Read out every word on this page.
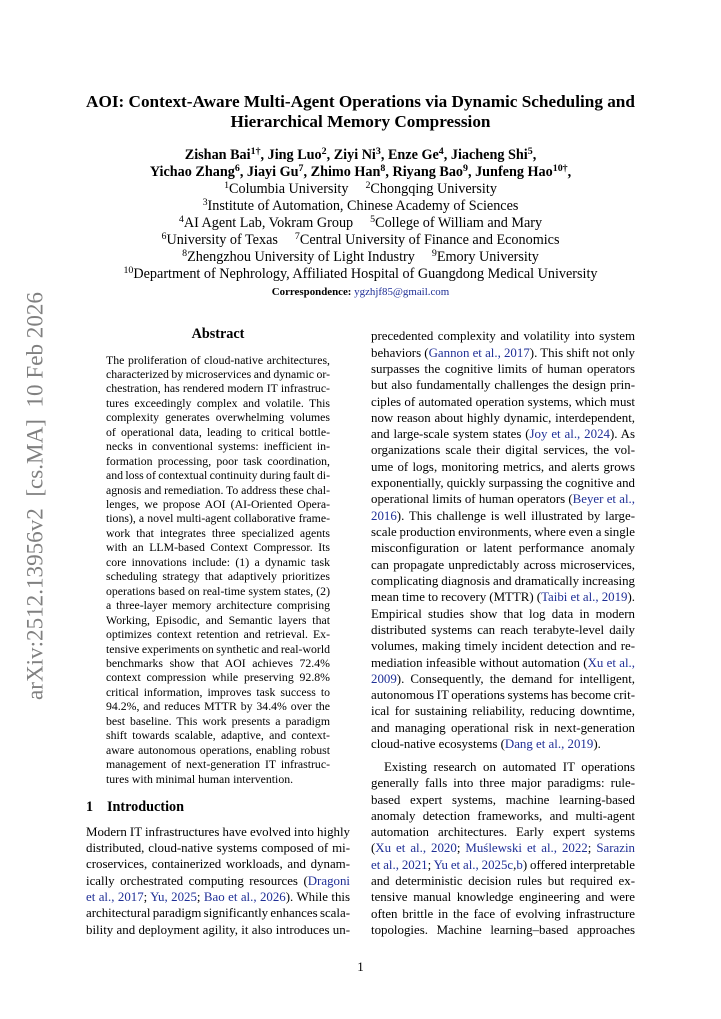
arXiv:2512.13956v2  [cs.MA]  10 Feb 2026
AOI: Context-Aware Multi-Agent Operations via Dynamic Scheduling and
Hierarchical Memory Compression
Zishan Bai$^{1\dagger}$, Jing Luo$^2$, Ziyi Ni$^3$, Enze Ge$^4$, Jiacheng Shi$^5$,
Yichao Zhang$^6$, Jiayi Gu$^7$, Zhimo Han$^8$, Riyang Bao$^9$, Junfeng Hao$^{10\dagger}$,
$^1$Columbia University $^2$Chongqing University
$^3$Institute of Automation, Chinese Academy of Sciences
$^4$AI Agent Lab, Vokram Group $^5$College of William and Mary
$^6$University of Texas $^7$Central University of Finance and Economics
$^8$Zhengzhou University of Light Industry $^9$Emory University
$^{10}$Department of Nephrology, Affiliated Hospital of Guangdong Medical University
Correspondence: ygzhjf85@gmail.com
Abstract
The proliferation of cloud-native architectures,
characterized by microservices and dynamic or-
chestration, has rendered modern IT infrastruc-
tures exceedingly complex and volatile. This
complexity generates overwhelming volumes
of operational data, leading to critical bottle-
necks in conventional systems: inefficient in-
formation processing, poor task coordination,
and loss of contextual continuity during fault di-
agnosis and remediation. To address these chal-
lenges, we propose AOI (AI-Oriented Opera-
tions), a novel multi-agent collaborative frame-
work that integrates three specialized agents
with an LLM-based Context Compressor. Its
core innovations include: (1) a dynamic task
scheduling strategy that adaptively prioritizes
operations based on real-time system states, (2)
a three-layer memory architecture comprising
Working, Episodic, and Semantic layers that
optimizes context retention and retrieval. Ex-
tensive experiments on synthetic and real-world
benchmarks show that AOI achieves 72.4%
context compression while preserving 92.8%
critical information, improves task success to
94.2%, and reduces MTTR by 34.4% over the
best baseline. This work presents a paradigm
shift towards scalable, adaptive, and context-
aware autonomous operations, enabling robust
management of next-generation IT infrastruc-
tures with minimal human intervention.
1 Introduction
Modern IT infrastructures have evolved into highly
distributed, cloud-native systems composed of mi-
croservices, containerized workloads, and dynam-
ically orchestrated computing resources (Dragoni
et al., 2017; Yu, 2025; Bao et al., 2026). While this
architectural paradigm significantly enhances scala-
bility and deployment agility, it also introduces un-
precedented complexity and volatility into system
behaviors (Gannon et al., 2017). This shift not only
surpasses the cognitive limits of human operators
but also fundamentally challenges the design prin-
ciples of automated operation systems, which must
now reason about highly dynamic, interdependent,
and large-scale system states (Joy et al., 2024). As
organizations scale their digital services, the vol-
ume of logs, monitoring metrics, and alerts grows
exponentially, quickly surpassing the cognitive and
operational limits of human operators (Beyer et al.,
2016). This challenge is well illustrated by large-
scale production environments, where even a single
misconfiguration or latent performance anomaly
can propagate unpredictably across microservices,
complicating diagnosis and dramatically increasing
mean time to recovery (MTTR) (Taibi et al., 2019).
Empirical studies show that log data in modern
distributed systems can reach terabyte-level daily
volumes, making timely incident detection and re-
mediation infeasible without automation (Xu et al.,
2009). Consequently, the demand for intelligent,
autonomous IT operations systems has become crit-
ical for sustaining reliability, reducing downtime,
and managing operational risk in next-generation
cloud-native ecosystems (Dang et al., 2019).
Existing research on automated IT operations
generally falls into three major paradigms: rule-
based expert systems, machine learning-based
anomaly detection frameworks, and multi-agent
automation architectures. Early expert systems
(Xu et al., 2020; Muślewski et al., 2022; Sarazin
et al., 2021; Yu et al., 2025c,b) offered interpretable
and deterministic decision rules but required ex-
tensive manual knowledge engineering and were
often brittle in the face of evolving infrastructure
topologies. Machine learning–based approaches
1
